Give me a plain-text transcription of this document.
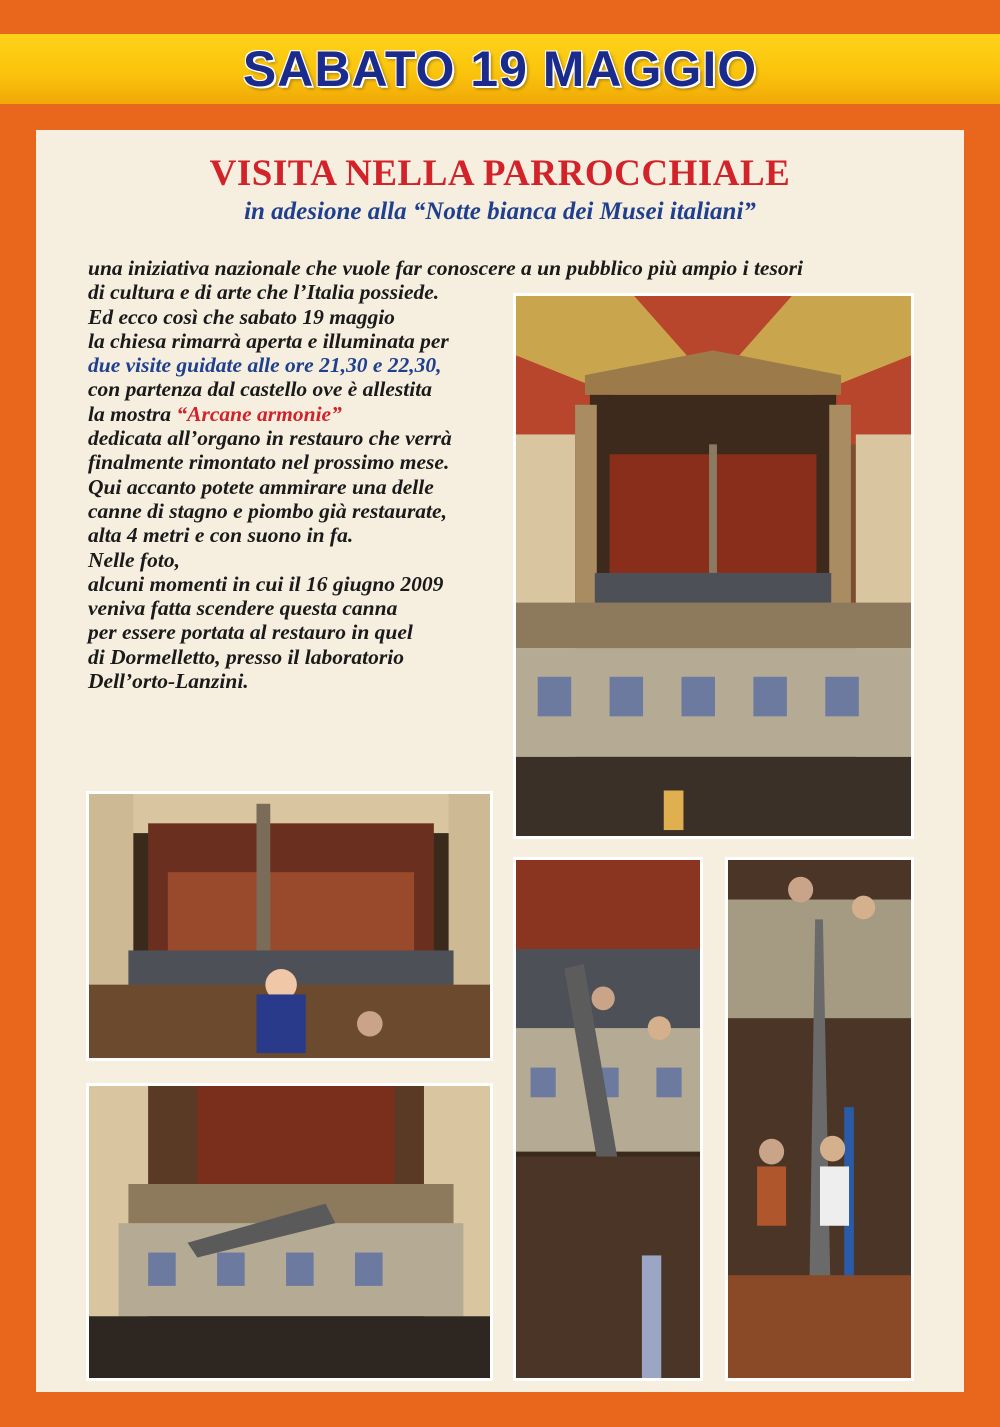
SABATO 19 MAGGIO
VISITA NELLA PARROCCHIALE
in adesione alla “Notte bianca dei Musei italiani”
una iniziativa nazionale che vuole far conoscere a un pubblico più ampio i tesori
di cultura e di arte che l’Italia possiede.
Ed ecco così che sabato 19 maggio
la chiesa rimarrà aperta e illuminata per
due visite guidate alle ore 21,30 e 22,30,
con partenza dal castello ove è allestita
la mostra “Arcane armonie”
dedicata all’organo in restauro che verrà
finalmente rimontato nel prossimo mese.
Qui accanto potete ammirare una delle
canne di stagno e piombo già restaurate,
alta 4 metri e con suono in fa.
Nelle foto,
alcuni momenti in cui il 16 giugno 2009
veniva fatta scendere questa canna
per essere portata al restauro in quel
di Dormelletto, presso il laboratorio
Dell’orto-Lanzini.
